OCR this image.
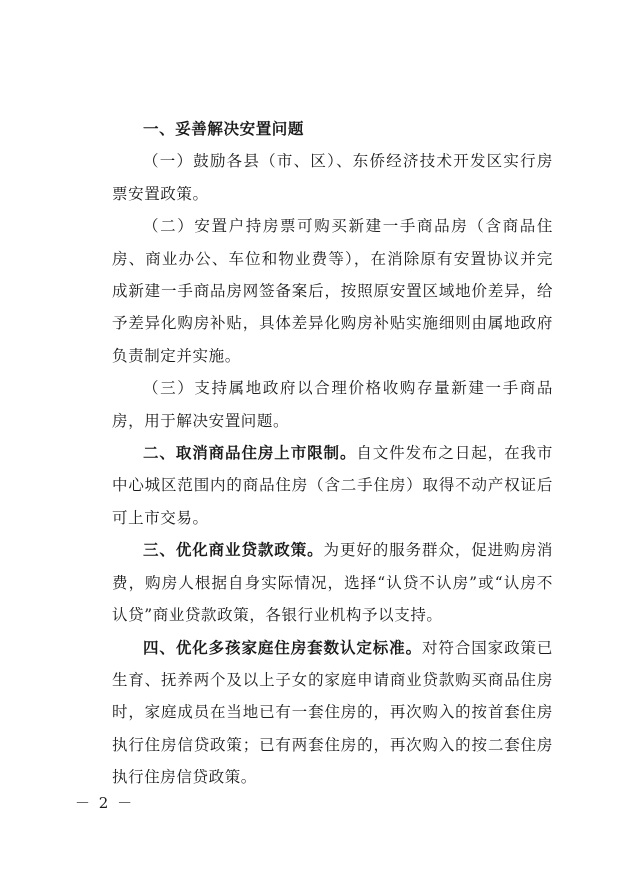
一、妥善解决安置问题

（一）鼓励各县（市、区）、东侨经济技术开发区实行房票安置政策。

（二）安置户持房票可购买新建一手商品房（含商品住房、商业办公、车位和物业费等），在消除原有安置协议并完成新建一手商品房网签备案后，按照原安置区域地价差异，给予差异化购房补贴，具体差异化购房补贴实施细则由属地政府负责制定并实施。

（三）支持属地政府以合理价格收购存量新建一手商品房，用于解决安置问题。

二、取消商品住房上市限制。自文件发布之日起，在我市中心城区范围内的商品住房（含二手住房）取得不动产权证后可上市交易。

三、优化商业贷款政策。为更好的服务群众，促进购房消费，购房人根据自身实际情况，选择“认贷不认房”或“认房不认贷”商业贷款政策，各银行业机构予以支持。

四、优化多孩家庭住房套数认定标准。对符合国家政策已生育、抚养两个及以上子女的家庭申请商业贷款购买商品住房时，家庭成员在当地已有一套住房的，再次购入的按首套住房执行住房信贷政策；已有两套住房的，再次购入的按二套住房执行住房信贷政策。

－ 2 －
